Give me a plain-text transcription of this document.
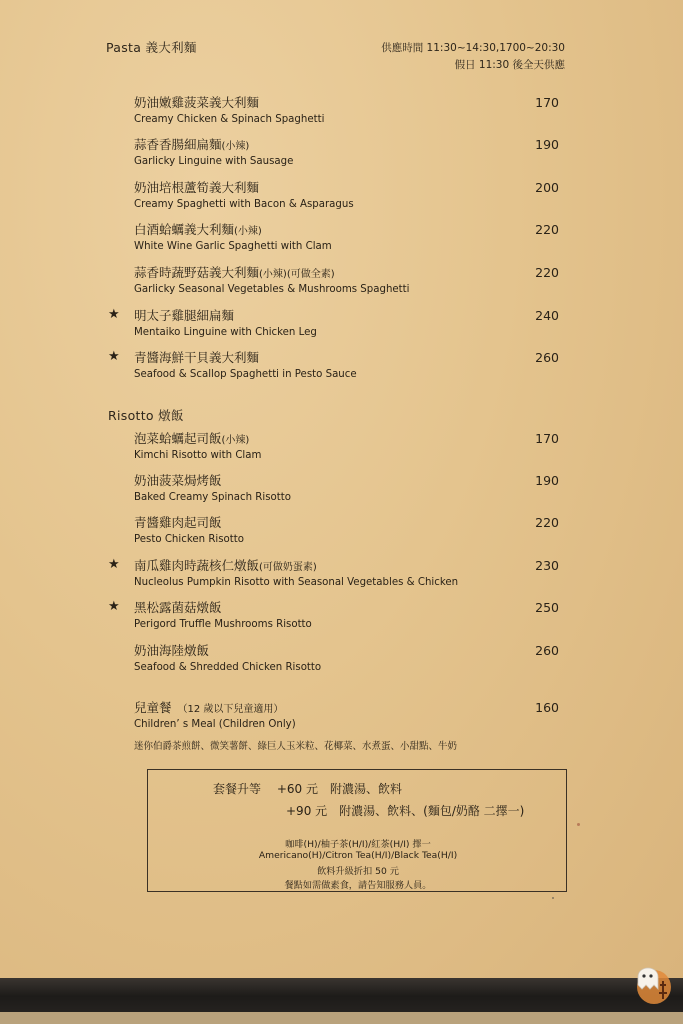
Pasta 義大利麵	供應時間 11:30~14:30,1700~20:30
假日 11:30 後全天供應
奶油嫩雞菠菜義大利麵
Creamy Chicken & Spinach Spaghetti
170
蒜香香腸細扁麵(小辣)
Garlicky Linguine with Sausage
190
奶油培根蘆筍義大利麵
Creamy Spaghetti with Bacon & Asparagus
200
白酒蛤蠣義大利麵(小辣)
White Wine Garlic Spaghetti with Clam
220
蒜香時蔬野菇義大利麵(小辣)(可做全素)
Garlicky Seasonal Vegetables & Mushrooms Spaghetti
220
★ 明太子雞腿細扁麵
Mentaiko Linguine with Chicken Leg
240
★ 青醬海鮮干貝義大利麵
Seafood & Scallop Spaghetti in Pesto Sauce
260
Risotto 燉飯
泡菜蛤蠣起司飯(小辣)
Kimchi Risotto with Clam
170
奶油菠菜焗烤飯
Baked Creamy Spinach Risotto
190
青醬雞肉起司飯
Pesto Chicken Risotto
220
★ 南瓜雞肉時蔬核仁燉飯(可做奶蛋素)
Nucleolus Pumpkin Risotto with Seasonal Vegetables & Chicken
230
★ 黑松露菌菇燉飯
Perigord Truffle Mushrooms Risotto
250
奶油海陸燉飯
Seafood & Shredded Chicken Risotto
260
兒童餐 （12 歲以下兒童適用）
Children’ s Meal (Children Only)
160
迷你伯爵茶煎餅、微笑薯餅、綠巨人玉米粒、花椰菜、水煮蛋、小甜點、牛奶
套餐升等　 +60 元　附濃湯、飲料
+90 元　附濃湯、飲料、(麵包/奶酪 二擇一)
咖啡(H)/柚子茶(H/I)/紅茶(H/I) 擇一
Americano(H)/Citron Tea(H/I)/Black Tea(H/I)
飲料升級折扣 50 元
餐點如需做素食，請告知服務人員。
